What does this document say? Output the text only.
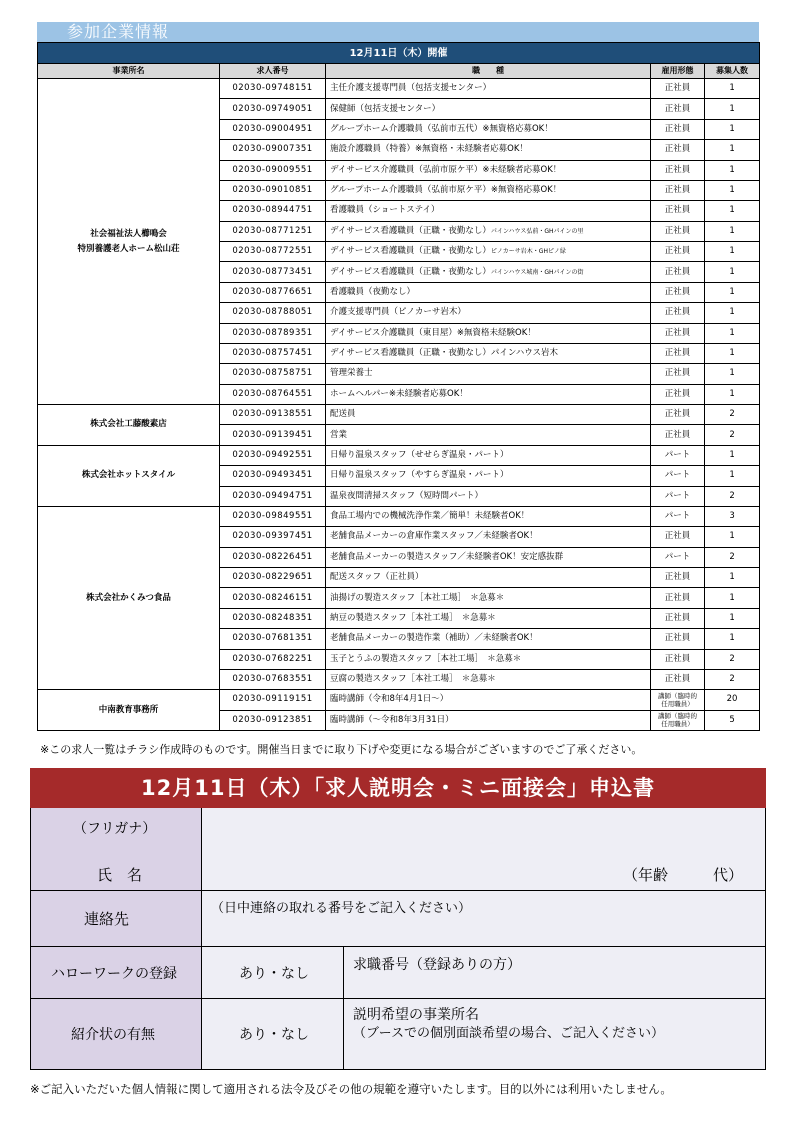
参加企業情報
12月11日（木）開催				
事業所名	求人番号	職　　種	雇用形態	募集人数
社会福祉法人櫛鳴会
特別養護老人ホーム松山荘	02030-09748151	主任介護支援専門員（包括支援センター）	正社員	1
	02030-09749051	保健師（包括支援センター）	正社員	1
	02030-09004951	グループホーム介護職員（弘前市五代）※無資格応募OK！	正社員	1
	02030-09007351	施設介護職員（特養）※無資格・未経験者応募OK！	正社員	1
	02030-09009551	デイサービス介護職員（弘前市原ケ平）※未経験者応募OK！	正社員	1
	02030-09010851	グループホーム介護職員（弘前市原ケ平）※無資格応募OK！	正社員	1
	02030-08944751	看護職員（ショートステイ）	正社員	1
	02030-08771251	デイサービス看護職員（正職・夜勤なし）パインハウス弘前・GHパインの里	正社員	1
	02030-08772551	デイサービス看護職員（正職・夜勤なし）ピノカーサ岩木・GHピノ緑	正社員	1
	02030-08773451	デイサービス看護職員（正職・夜勤なし）パインハウス城南・GHパインの街	正社員	1
	02030-08776651	看護職員（夜勤なし）	正社員	1
	02030-08788051	介護支援専門員（ピノカーサ岩木）	正社員	1
	02030-08789351	デイサービス介護職員（東目屋）※無資格未経験OK！	正社員	1
	02030-08757451	デイサービス看護職員（正職・夜勤なし）パインハウス岩木	正社員	1
	02030-08758751	管理栄養士	正社員	1
	02030-08764551	ホームヘルパー※未経験者応募OK！	正社員	1
株式会社工藤酸素店	02030-09138551	配送員	正社員	2
	02030-09139451	営業	正社員	2
株式会社ホットスタイル	02030-09492551	日帰り温泉スタッフ（せせらぎ温泉・パート）	パート	1
	02030-09493451	日帰り温泉スタッフ（やすらぎ温泉・パート）	パート	1
	02030-09494751	温泉夜間清掃スタッフ（短時間パート）	パート	2
株式会社かくみつ食品	02030-09849551	食品工場内での機械洗浄作業／簡単！未経験者OK！	パート	3
	02030-09397451	老舗食品メーカーの倉庫作業スタッフ／未経験者OK！	正社員	1
	02030-08226451	老舗食品メーカーの製造スタッフ／未経験者OK！安定感抜群	パート	2
	02030-08229651	配送スタッフ（正社員）	正社員	1
	02030-08246151	油揚げの製造スタッフ［本社工場］　＊急募＊	正社員	1
	02030-08248351	納豆の製造スタッフ［本社工場］　＊急募＊	正社員	1
	02030-07681351	老舗食品メーカーの製造作業（補助）／未経験者OK！	正社員	1
	02030-07682251	玉子とうふの製造スタッフ［本社工場］　＊急募＊	正社員	2
	02030-07683551	豆腐の製造スタッフ［本社工場］　＊急募＊	正社員	2
中南教育事務所	02030-09119151	臨時講師（令和8年4月1日～）	講師（臨時的任用職員）	20
	02030-09123851	臨時講師（～令和8年3月31日）	講師（臨時的任用職員）	5
※この求人一覧はチラシ作成時のものです。開催当日までに取り下げや変更になる場合がございますのでご了承ください。
12月11日（木）「求人説明会・ミニ面接会」申込書
（フリガナ）
氏　名	（年齢　　　代）
連絡先
（日中連絡の取れる番号をご記入ください）
ハローワークの登録	あり・なし
求職番号（登録ありの方）
紹介状の有無	あり・なし
説明希望の事業所名
（ブースでの個別面談希望の場合、ご記入ください）
※ご記入いただいた個人情報に関して適用される法令及びその他の規範を遵守いたします。目的以外には利用いたしません。
